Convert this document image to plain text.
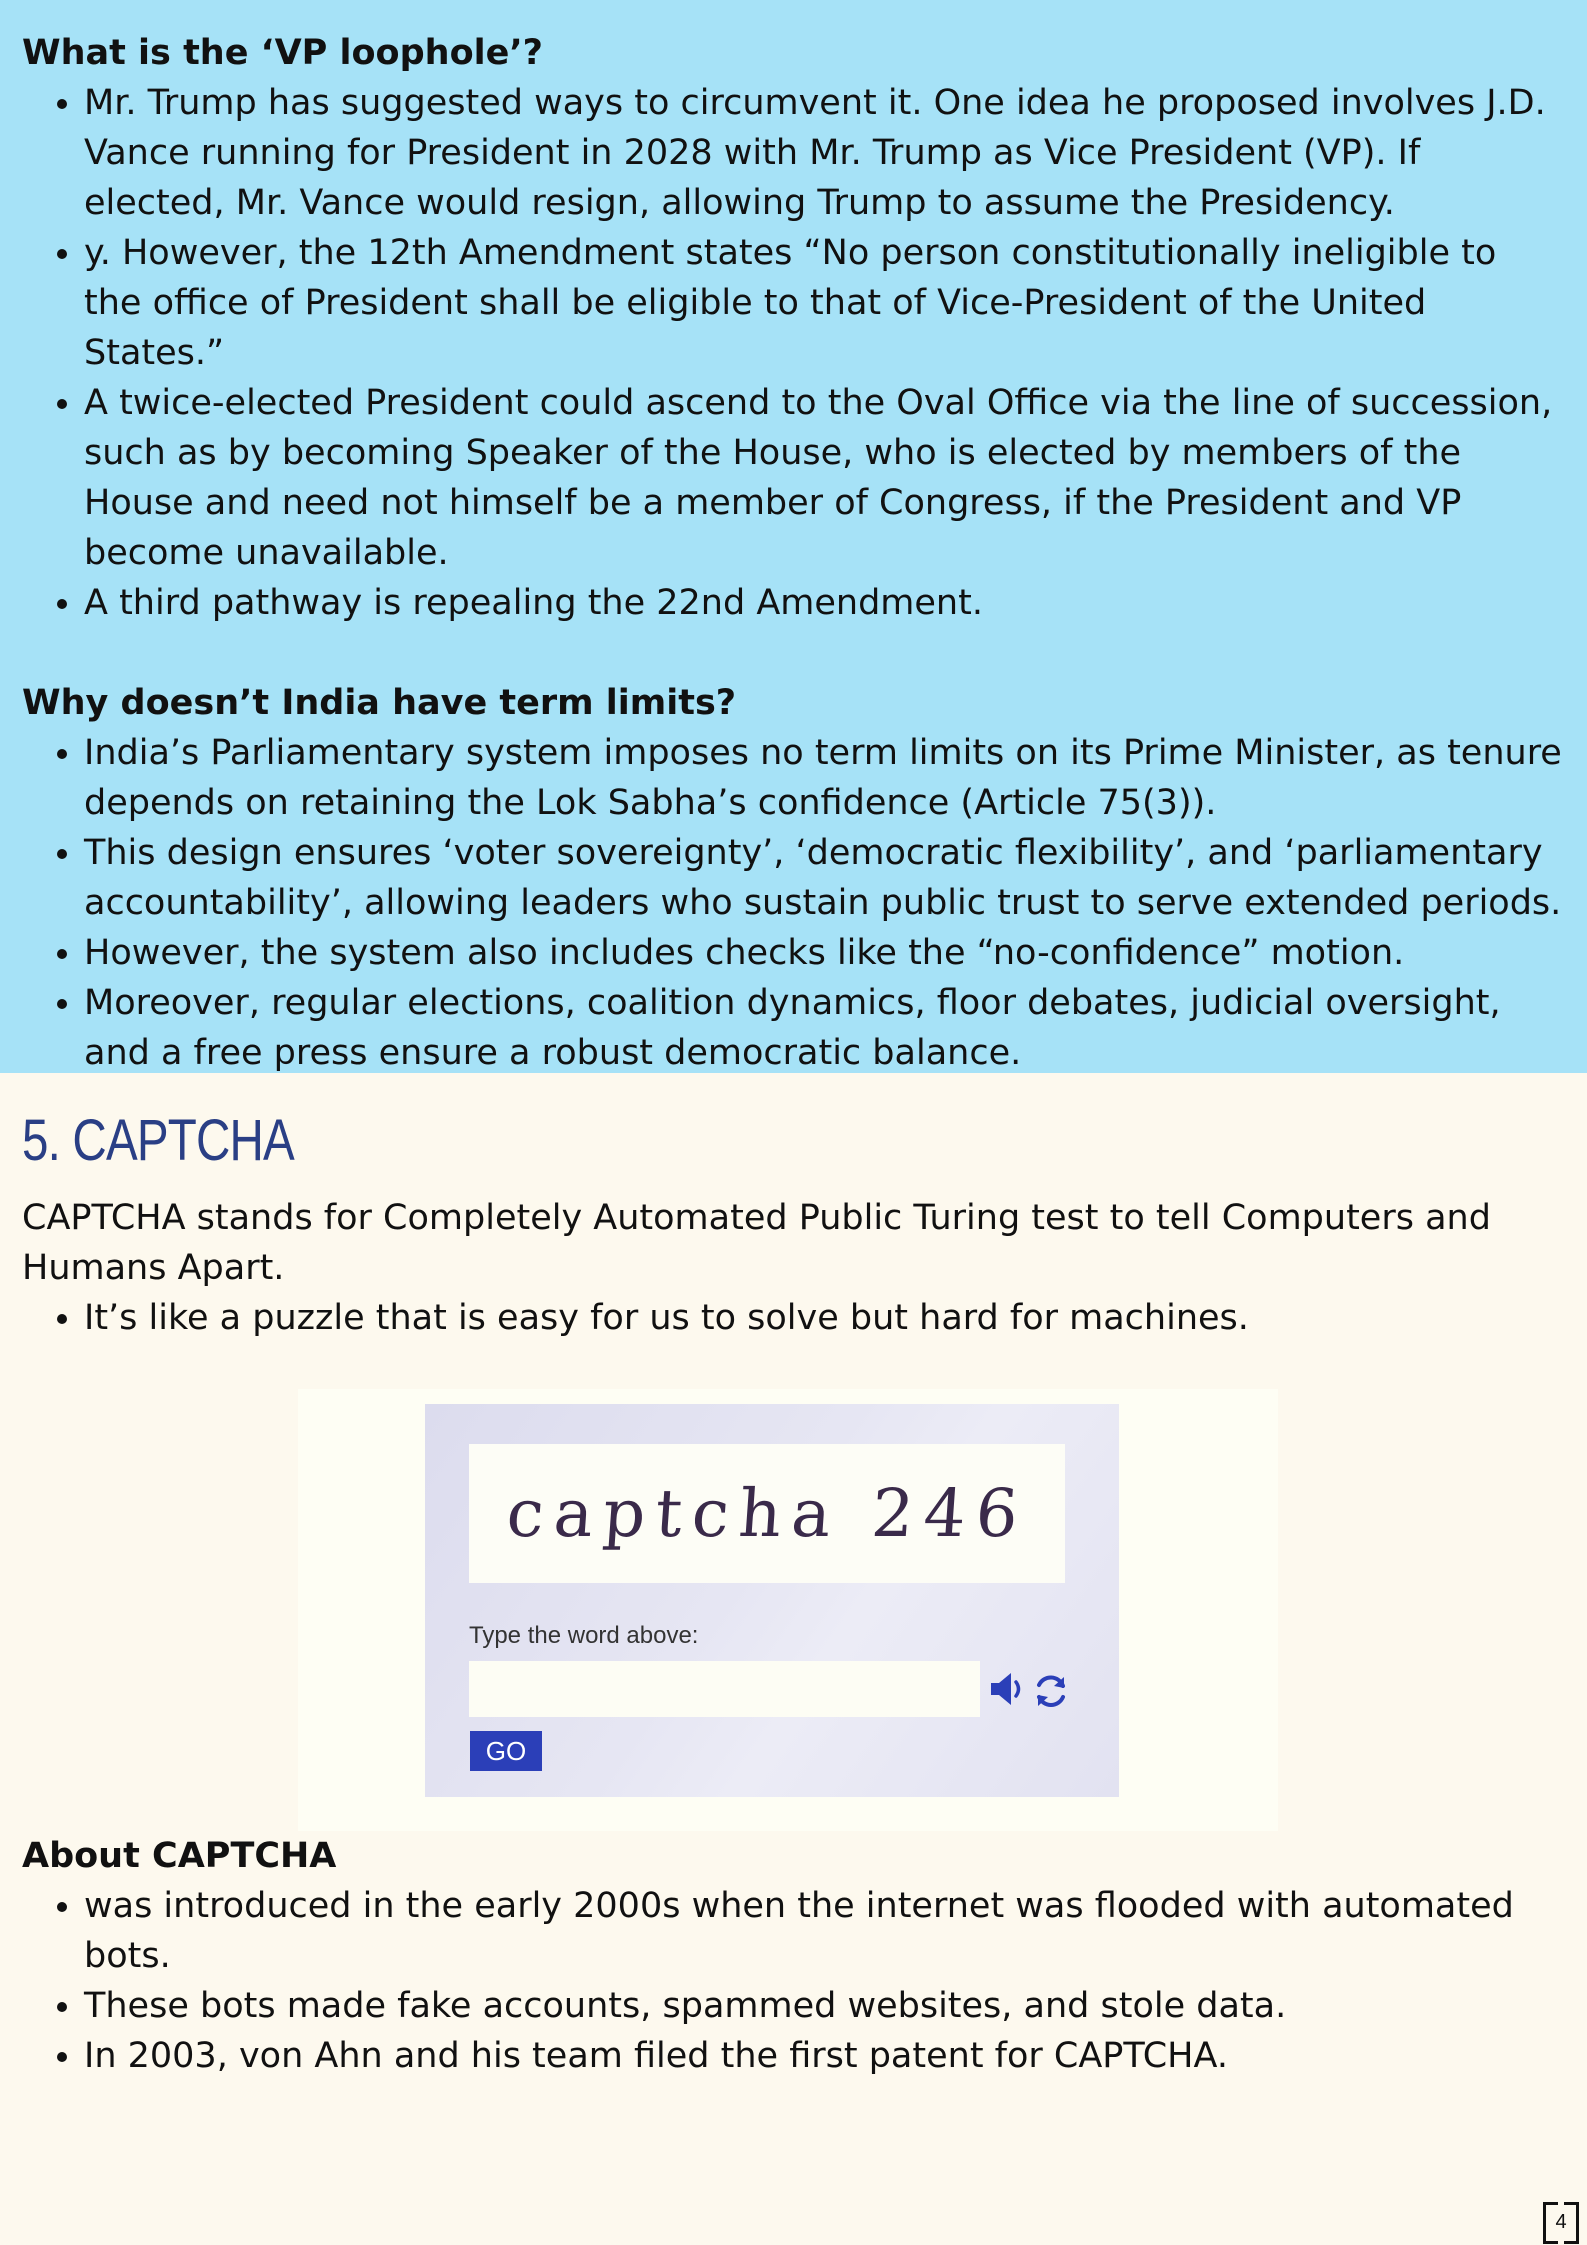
What is the ‘VP loophole’?
• Mr. Trump has suggested ways to circumvent it. One idea he proposed involves J.D. Vance running for President in 2028 with Mr. Trump as Vice President (VP). If elected, Mr. Vance would resign, allowing Trump to assume the Presidency.
• y. However, the 12th Amendment states “No person constitutionally ineligible to the office of President shall be eligible to that of Vice-President of the United States.”
• A twice-elected President could ascend to the Oval Office via the line of succession, such as by becoming Speaker of the House, who is elected by members of the House and need not himself be a member of Congress, if the President and VP become unavailable.
• A third pathway is repealing the 22nd Amendment.
Why doesn’t India have term limits?
• India’s Parliamentary system imposes no term limits on its Prime Minister, as tenure depends on retaining the Lok Sabha’s confidence (Article 75(3)).
• This design ensures ‘voter sovereignty’, ‘democratic flexibility’, and ‘parliamentary accountability’, allowing leaders who sustain public trust to serve extended periods.
• However, the system also includes checks like the “no-confidence” motion.
• Moreover, regular elections, coalition dynamics, floor debates, judicial oversight, and a free press ensure a robust democratic balance.
5. CAPTCHA

CAPTCHA stands for Completely Automated Public Turing test to tell Computers and Humans Apart.

• It’s like a puzzle that is easy for us to solve but hard for machines.
captcha 246
Type the word above:
GO
About CAPTCHA
• was introduced in the early 2000s when the internet was flooded with automated bots.
• These bots made fake accounts, spammed websites, and stole data.
• In 2003, von Ahn and his team filed the first patent for CAPTCHA.
4
